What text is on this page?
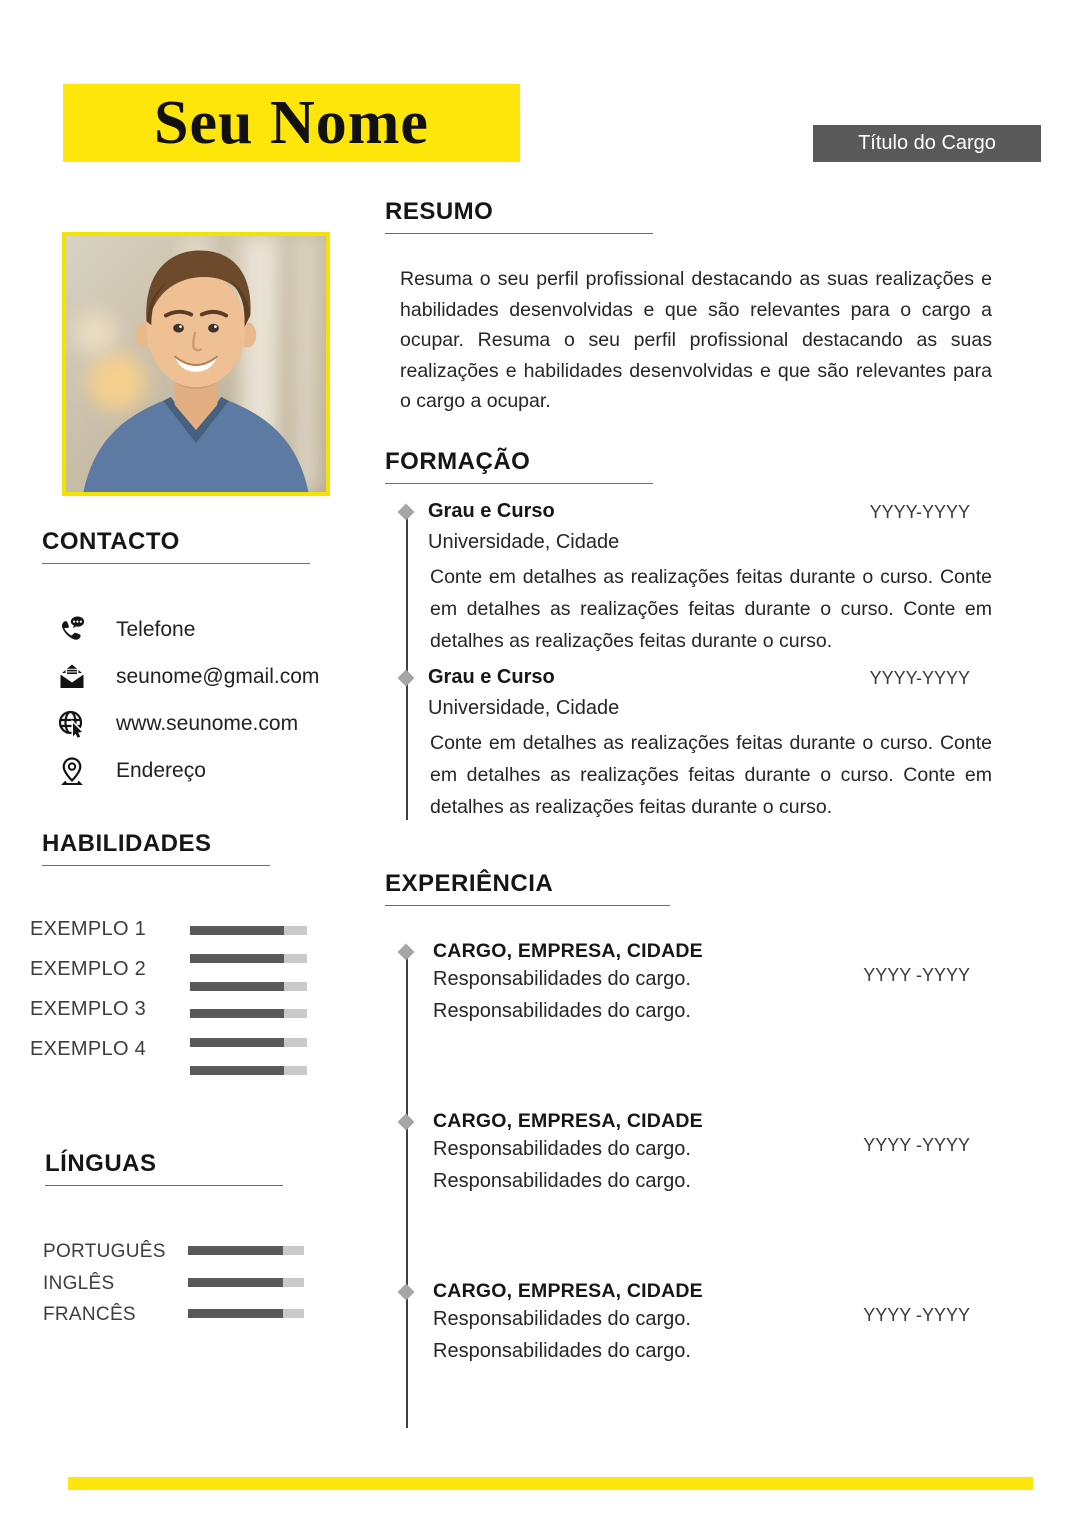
Seu Nome	Título do Cargo
CONTACTO
Telefone
seunome@gmail.com
www.seunome.com
Endereço
HABILIDADES
EXEMPLO 1
EXEMPLO 2
EXEMPLO 3
EXEMPLO 4
LÍNGUAS
PORTUGUÊS
INGLÊS
FRANCÊS
RESUMO

Resuma o seu perfil profissional destacando as suas realizações e habilidades desenvolvidas e que são relevantes para o cargo a ocupar. Resuma o seu perfil profissional destacando as suas realizações e habilidades desenvolvidas e que são relevantes para o cargo a ocupar.

FORMAÇÃO
Grau e Curso	YYYY-YYYY
Universidade, Cidade
Conte em detalhes as realizações feitas durante o curso. Conte em detalhes as realizações feitas durante o curso. Conte em detalhes as realizações feitas durante o curso.
Grau e Curso	YYYY-YYYY
Universidade, Cidade
Conte em detalhes as realizações feitas durante o curso. Conte em detalhes as realizações feitas durante o curso. Conte em detalhes as realizações feitas durante o curso.
EXPERIÊNCIA
CARGO, EMPRESA, CIDADE
YYYY -YYYY
Responsabilidades do cargo.
Responsabilidades do cargo.
CARGO, EMPRESA, CIDADE
YYYY -YYYY
Responsabilidades do cargo.
Responsabilidades do cargo.
CARGO, EMPRESA, CIDADE
YYYY -YYYY
Responsabilidades do cargo.
Responsabilidades do cargo.
